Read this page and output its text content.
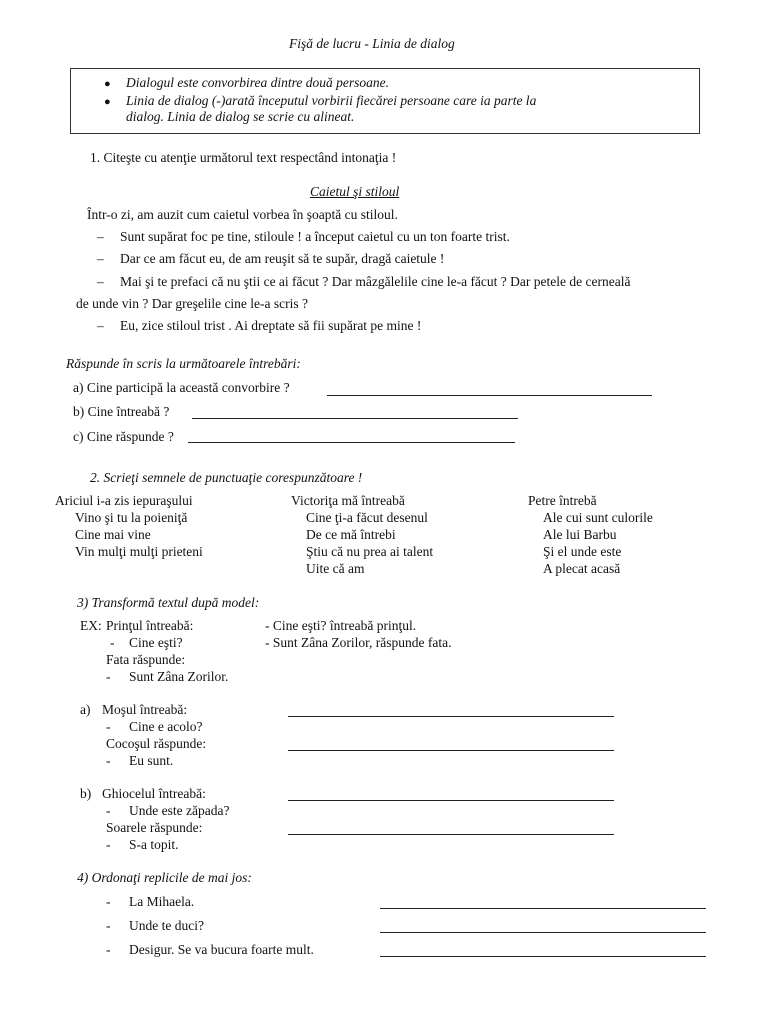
Fişă de lucru - Linia de dialog
● Dialogul este convorbirea dintre două persoane.
● Linia de dialog (-)arată începutul vorbirii fiecărei persoane care ia parte la
dialog. Linia de dialog se scrie cu alineat.
1. Citeşte cu atenţie următorul text respectând intonaţia !
Caietul şi stiloul
Într-o zi, am auzit cum caietul vorbea în şoaptă cu stiloul.
– Sunt supărat foc pe tine, stiloule ! a început caietul cu un ton foarte trist.
– Dar ce am făcut eu, de am reuşit să te supăr, dragă caietule !
– Mai şi te prefaci că nu ştii ce ai făcut ? Dar mâzgălelile cine le-a făcut ? Dar petele de cerneală
de unde vin ? Dar greşelile cine le-a scris ?
– Eu, zice stiloul trist . Ai dreptate să fii supărat pe mine !
Răspunde în scris la următoarele întrebări:
a) Cine participă la această convorbire ?
b) Cine întreabă ?
c) Cine răspunde ?
2. Scrieţi semnele de punctuaţie corespunzătoare !
Ariciul i-a zis iepuraşului
Vino şi tu la poieniţă
Cine mai vine
Vin mulţi mulţi prieteni
Victoriţa mă întreabă
Cine ţi-a făcut desenul
De ce mă întrebi
Ştiu că nu prea ai talent
Uite că am
Petre întrebă
Ale cui sunt culorile
Ale lui Barbu
Şi el unde este
A plecat acasă
3) Transformă textul după model:
EX: Prinţul întreabă:
- Cine eşti?
Fata răspunde:
- Sunt Zâna Zorilor.
- Cine eşti? întreabă prinţul.
- Sunt Zâna Zorilor, răspunde fata.
a) Moşul întreabă:
- Cine e acolo?
Cocoşul răspunde:
- Eu sunt.
b) Ghiocelul întreabă:
- Unde este zăpada?
Soarele răspunde:
- S-a topit.
4) Ordonaţi replicile de mai jos:
- La Mihaela.
- Unde te duci?
- Desigur. Se va bucura foarte mult.
